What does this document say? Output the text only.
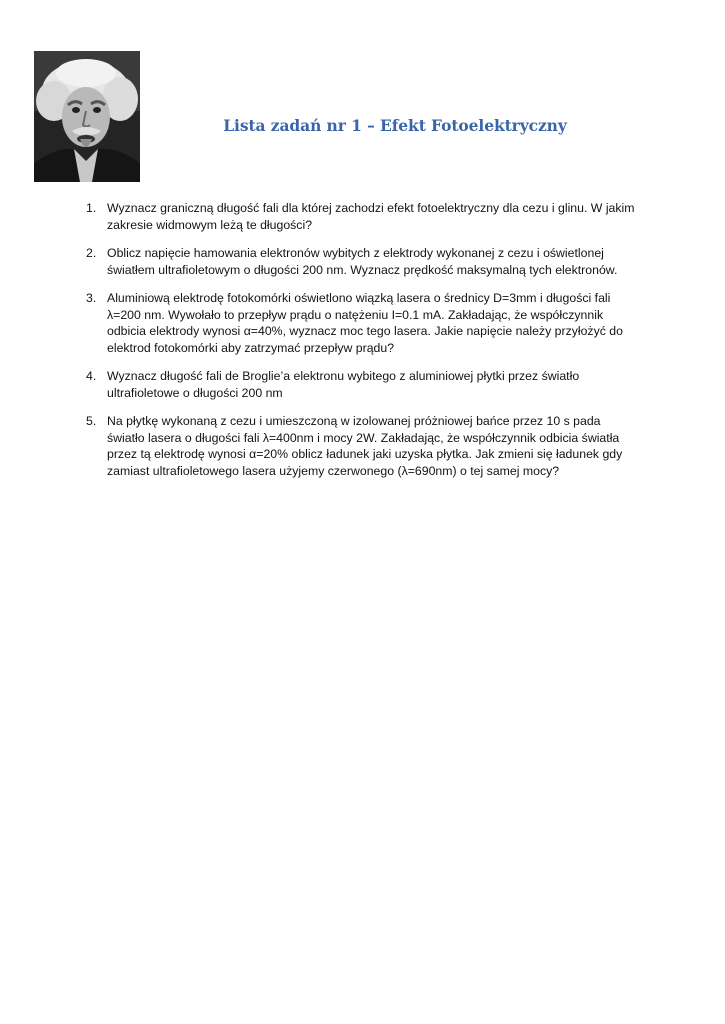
Lista zadań nr 1 – Efekt Fotoelektryczny
1. Wyznacz graniczną długość fali dla której zachodzi efekt fotoelektryczny dla cezu i glinu. W jakim zakresie widmowym leżą te długości?
2. Oblicz napięcie hamowania elektronów wybitych z elektrody wykonanej z cezu i oświetlonej światłem ultrafioletowym o długości 200 nm. Wyznacz prędkość maksymalną tych elektronów.
3. Aluminiową elektrodę fotokomórki oświetlono wiązką lasera o średnicy D=3mm i długości fali λ=200 nm. Wywołało to przepływ prądu o natężeniu I=0.1 mA. Zakładając, że współczynnik odbicia elektrody wynosi α=40%, wyznacz moc tego lasera. Jakie napięcie należy przyłożyć do elektrod fotokomórki aby zatrzymać przepływ prądu?
4. Wyznacz długość fali de Broglie’a elektronu wybitego z aluminiowej płytki przez światło ultrafioletowe o długości 200 nm
5. Na płytkę wykonaną z cezu i umieszczoną w izolowanej próżniowej bańce przez 10 s pada światło lasera o długości fali λ=400nm i mocy 2W. Zakładając, że współczynnik odbicia światła przez tą elektrodę wynosi α=20% oblicz ładunek jaki uzyska płytka. Jak zmieni się ładunek gdy zamiast ultrafioletowego lasera użyjemy czerwonego (λ=690nm) o tej samej mocy?
